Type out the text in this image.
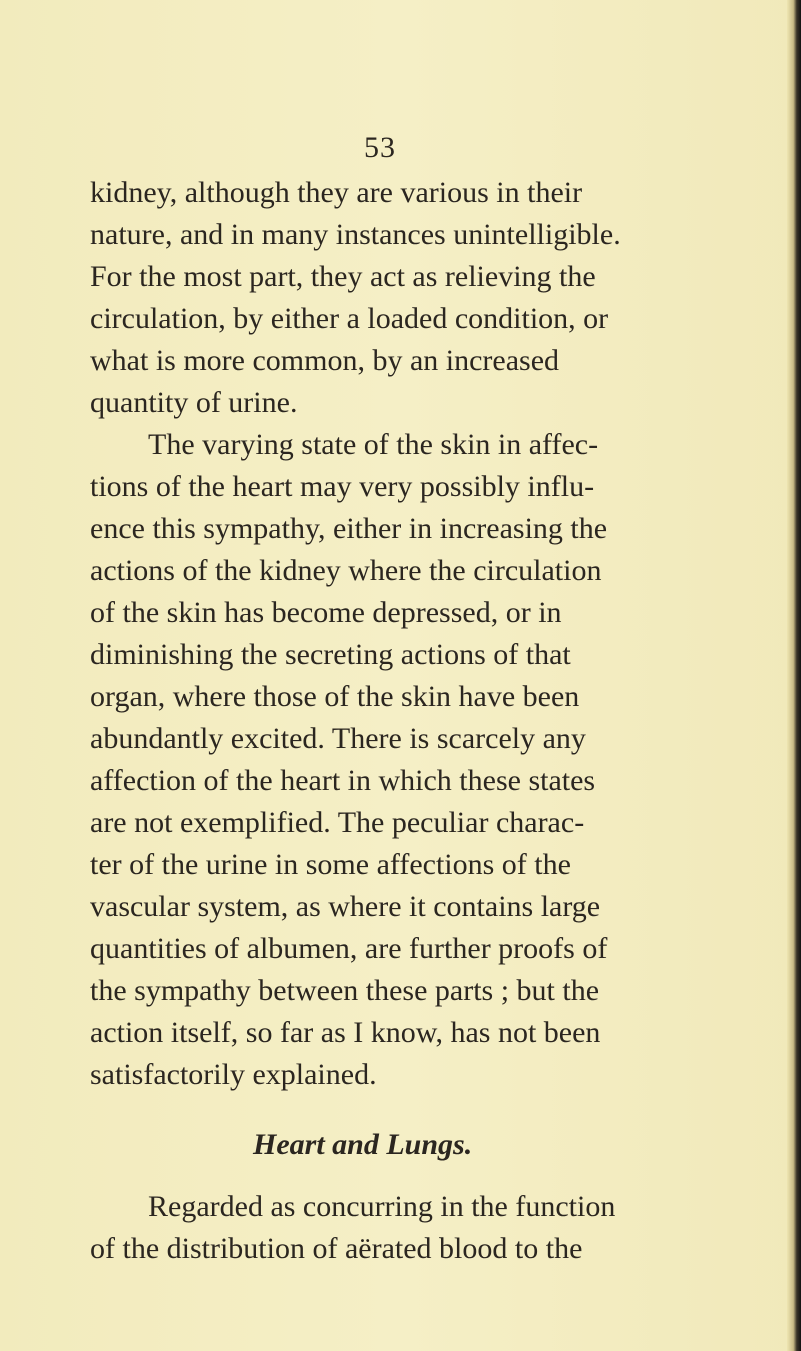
53
kidney, although they are various in their
nature, and in many instances unintelligible.
For the most part, they act as relieving the
circulation, by either a loaded condition, or
what is more common, by an increased
quantity of urine.
The varying state of the skin in affec-
tions of the heart may very possibly influ-
ence this sympathy, either in increasing the
actions of the kidney where the circulation
of the skin has become depressed, or in
diminishing the secreting actions of that
organ, where those of the skin have been
abundantly excited. There is scarcely any
affection of the heart in which these states
are not exemplified. The peculiar charac-
ter of the urine in some affections of the
vascular system, as where it contains large
quantities of albumen, are further proofs of
the sympathy between these parts ; but the
action itself, so far as I know, has not been
satisfactorily explained.
Heart and Lungs.
Regarded as concurring in the function
of the distribution of aërated blood to the
